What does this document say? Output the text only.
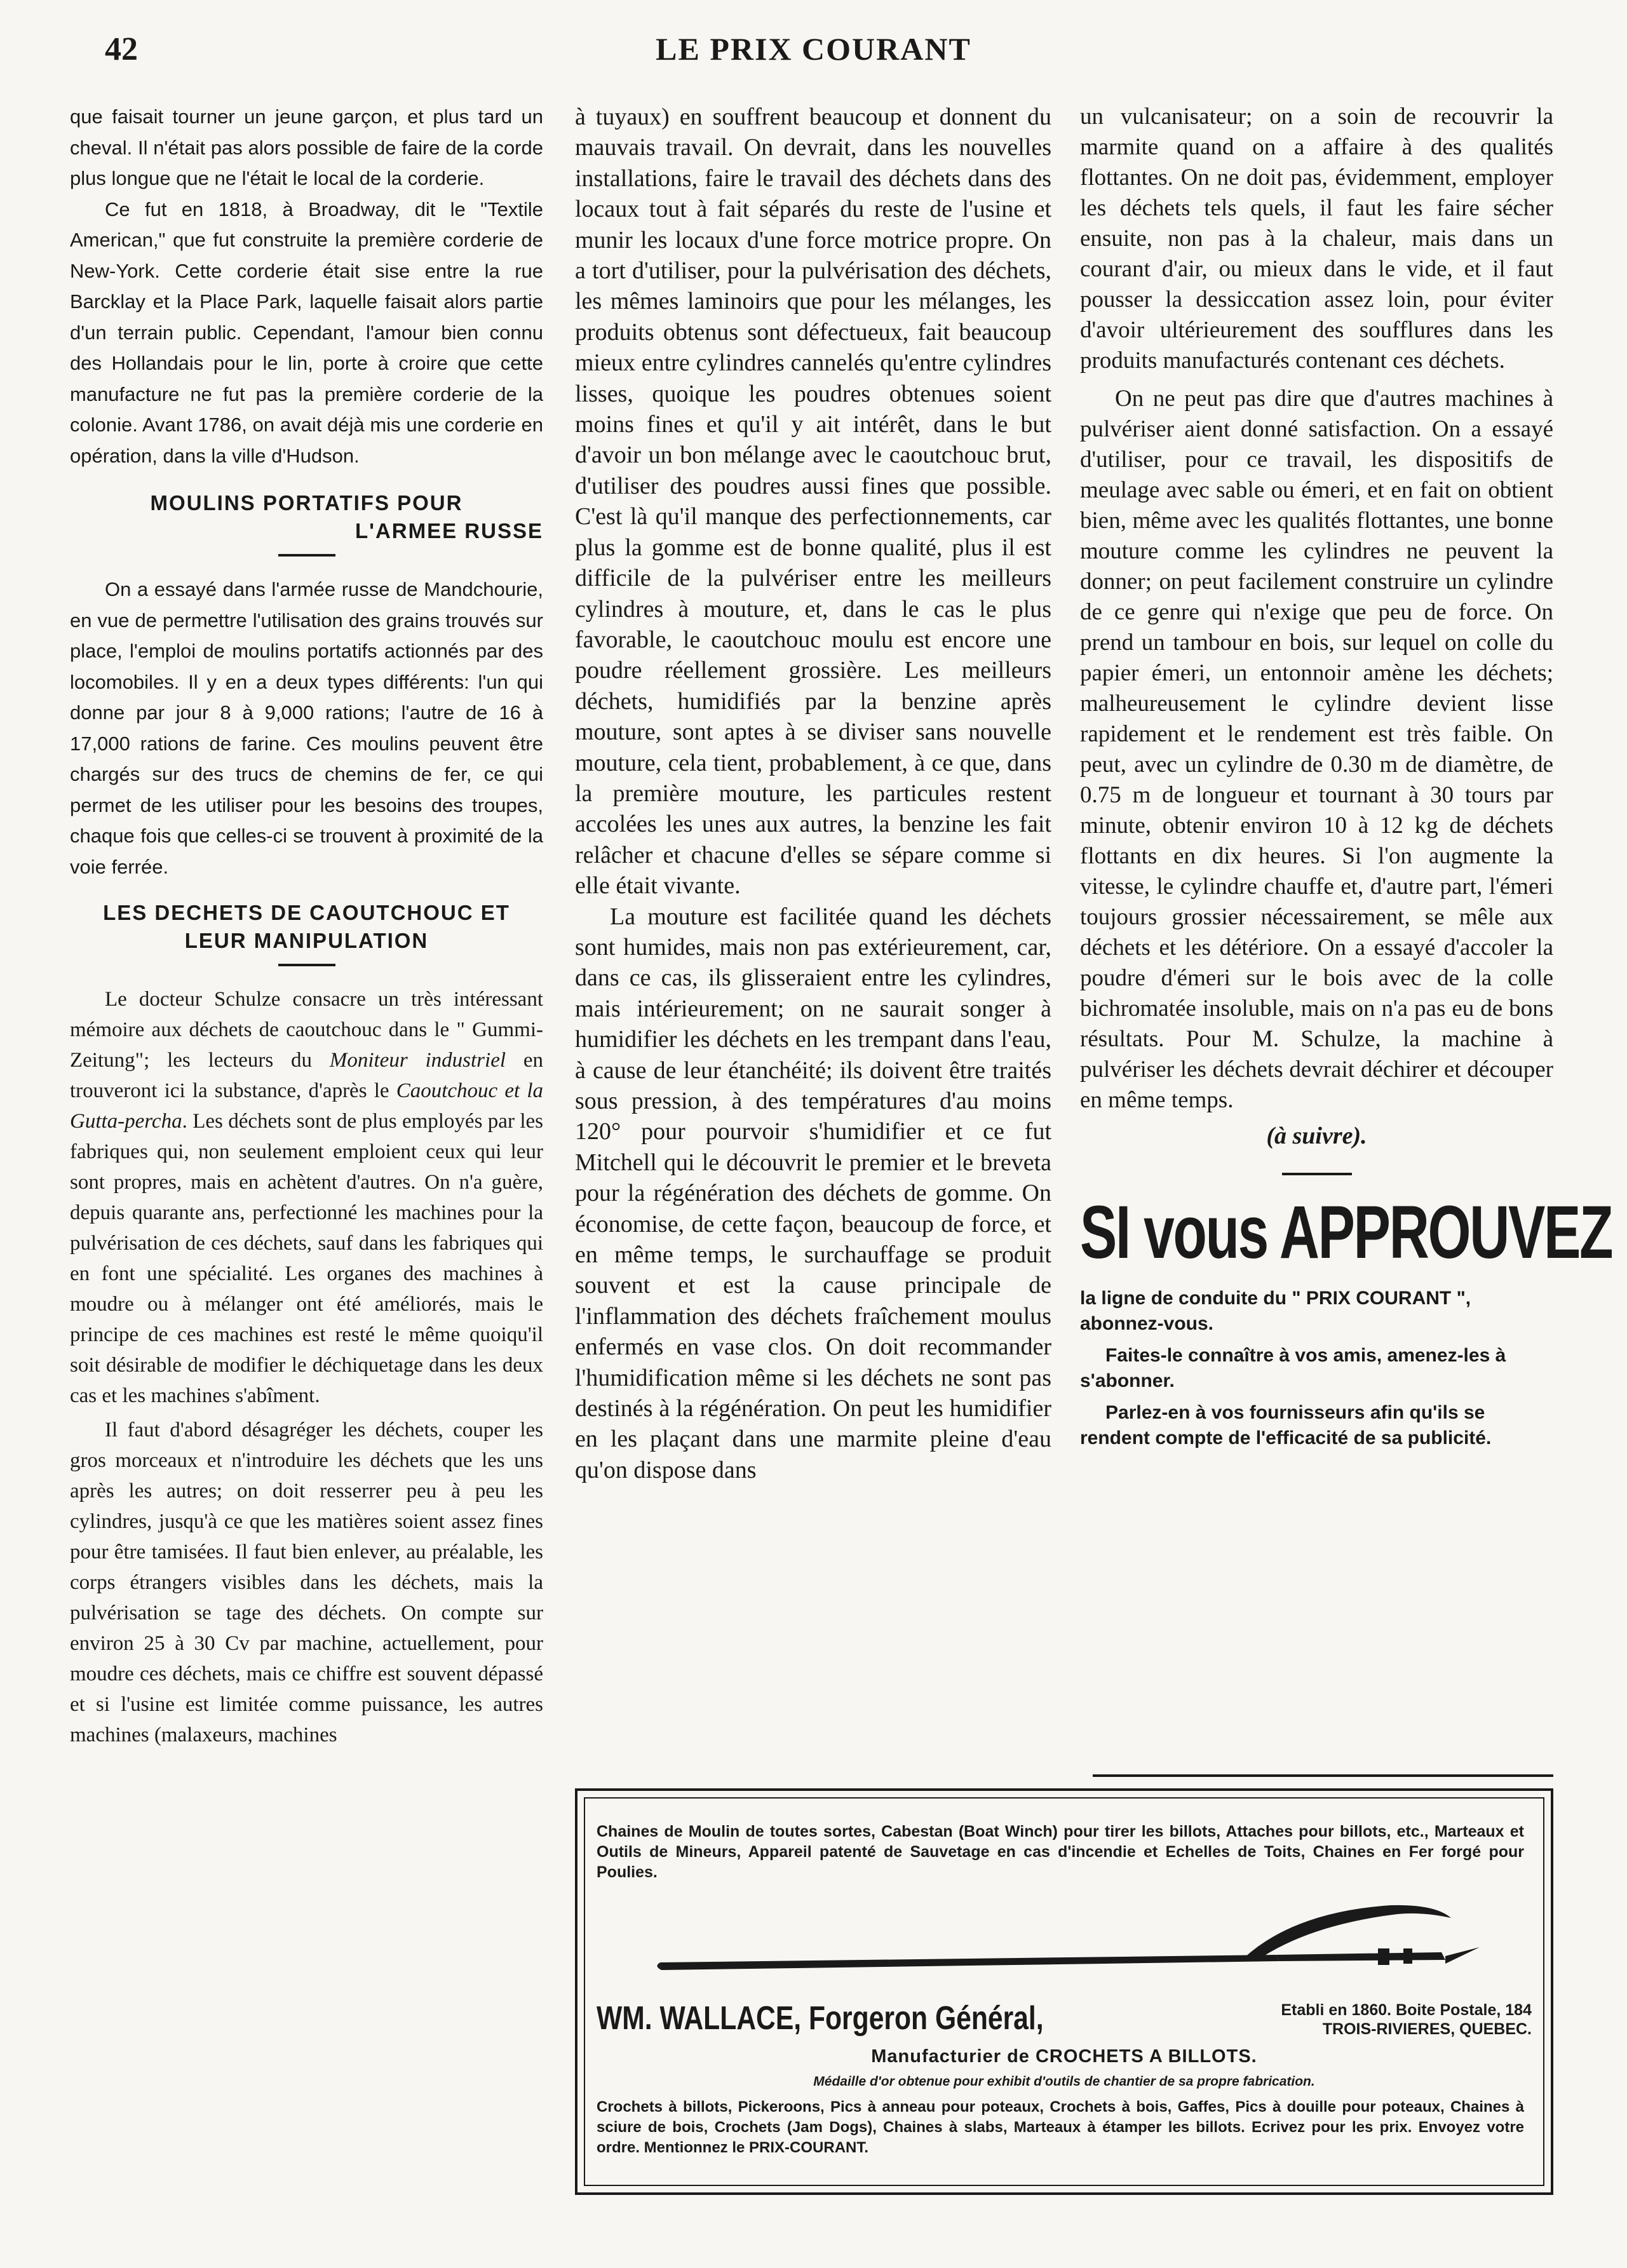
42	LE PRIX COURANT

que faisait tourner un jeune garçon, et plus tard un cheval. Il n'était pas alors possible de faire de la corde plus longue que ne l'était le local de la corderie.

Ce fut en 1818, à Broadway, dit le "Textile American," que fut construite la première corderie de New-York. Cette corderie était sise entre la rue Barcklay et la Place Park, laquelle faisait alors partie d'un terrain public. Cependant, l'amour bien connu des Hollandais pour le lin, porte à croire que cette manufacture ne fut pas la première corderie de la colonie. Avant 1786, on avait déjà mis une corderie en opération, dans la ville d'Hudson.

MOULINS PORTATIFS POUR
L'ARMEE RUSSE

On a essayé dans l'armée russe de Mandchourie, en vue de permettre l'utilisation des grains trouvés sur place, l'emploi de moulins portatifs actionnés par des locomobiles. Il y en a deux types différents: l'un qui donne par jour 8 à 9,000 rations; l'autre de 16 à 17,000 rations de farine. Ces moulins peuvent être chargés sur des trucs de chemins de fer, ce qui permet de les utiliser pour les besoins des troupes, chaque fois que celles-ci se trouvent à proximité de la voie ferrée.

LES DECHETS DE CAOUTCHOUC ET LEUR MANIPULATION

Le docteur Schulze consacre un très intéressant mémoire aux déchets de caoutchouc dans le " Gummi-Zeitung"; les lecteurs du Moniteur industriel en trouveront ici la substance, d'après le Caoutchouc et la Gutta-percha. Les déchets sont de plus employés par les fabriques qui, non seulement emploient ceux qui leur sont propres, mais en achètent d'autres. On n'a guère, depuis quarante ans, perfectionné les machines pour la pulvérisation de ces déchets, sauf dans les fabriques qui en font une spécialité. Les organes des machines à moudre ou à mélanger ont été améliorés, mais le principe de ces machines est resté le même quoiqu'il soit désirable de modifier le déchiquetage dans les deux cas et les machines s'abîment.

Il faut d'abord désagréger les déchets, couper les gros morceaux et n'introduire les déchets que les uns après les autres; on doit resserrer peu à peu les cylindres, jusqu'à ce que les matières soient assez fines pour être tamisées. Il faut bien enlever, au préalable, les corps étrangers visibles dans les déchets, mais la pulvérisation se tage des déchets. On compte sur environ 25 à 30 Cv par machine, actuellement, pour moudre ces déchets, mais ce chiffre est souvent dépassé et si l'usine est limitée comme puissance, les autres machines (malaxeurs, machines

à tuyaux) en souffrent beaucoup et donnent du mauvais travail. On devrait, dans les nouvelles installations, faire le travail des déchets dans des locaux tout à fait séparés du reste de l'usine et munir les locaux d'une force motrice propre. On a tort d'utiliser, pour la pulvérisation des déchets, les mêmes laminoirs que pour les mélanges, les produits obtenus sont défectueux, fait beaucoup mieux entre cylindres cannelés qu'entre cylindres lisses, quoique les poudres obtenues soient moins fines et qu'il y ait intérêt, dans le but d'avoir un bon mélange avec le caoutchouc brut, d'utiliser des poudres aussi fines que possible. C'est là qu'il manque des perfectionnements, car plus la gomme est de bonne qualité, plus il est difficile de la pulvériser entre les meilleurs cylindres à mouture, et, dans le cas le plus favorable, le caoutchouc moulu est encore une poudre réellement grossière. Les meilleurs déchets, humidifiés par la benzine après mouture, sont aptes à se diviser sans nouvelle mouture, cela tient, probablement, à ce que, dans la première mouture, les particules restent accolées les unes aux autres, la benzine les fait relâcher et chacune d'elles se sépare comme si elle était vivante.

La mouture est facilitée quand les déchets sont humides, mais non pas extérieurement, car, dans ce cas, ils glisseraient entre les cylindres, mais intérieurement; on ne saurait songer à humidifier les déchets en les trempant dans l'eau, à cause de leur étanchéité; ils doivent être traités sous pression, à des températures d'au moins 120° pour pourvoir s'humidifier et ce fut Mitchell qui le découvrit le premier et le breveta pour la régénération des déchets de gomme. On économise, de cette façon, beaucoup de force, et en même temps, le surchauffage se produit souvent et est la cause principale de l'inflammation des déchets fraîchement moulus enfermés en vase clos. On doit recommander l'humidification même si les déchets ne sont pas destinés à la régénération. On peut les humidifier en les plaçant dans une marmite pleine d'eau qu'on dispose dans

un vulcanisateur; on a soin de recouvrir la marmite quand on a affaire à des qualités flottantes. On ne doit pas, évidemment, employer les déchets tels quels, il faut les faire sécher ensuite, non pas à la chaleur, mais dans un courant d'air, ou mieux dans le vide, et il faut pousser la dessiccation assez loin, pour éviter d'avoir ultérieurement des soufflures dans les produits manufacturés contenant ces déchets.

On ne peut pas dire que d'autres machines à pulvériser aient donné satisfaction. On a essayé d'utiliser, pour ce travail, les dispositifs de meulage avec sable ou émeri, et en fait on obtient bien, même avec les qualités flottantes, une bonne mouture comme les cylindres ne peuvent la donner; on peut facilement construire un cylindre de ce genre qui n'exige que peu de force. On prend un tambour en bois, sur lequel on colle du papier émeri, un entonnoir amène les déchets; malheureusement le cylindre devient lisse rapidement et le rendement est très faible. On peut, avec un cylindre de 0.30 m de diamètre, de 0.75 m de longueur et tournant à 30 tours par minute, obtenir environ 10 à 12 kg de déchets flottants en dix heures. Si l'on augmente la vitesse, le cylindre chauffe et, d'autre part, l'émeri toujours grossier nécessairement, se mêle aux déchets et les détériore. On a essayé d'accoler la poudre d'émeri sur le bois avec de la colle bichromatée insoluble, mais on n'a pas eu de bons résultats. Pour M. Schulze, la machine à pulvériser les déchets devrait déchirer et découper en même temps.

(à suivre).
SI vous APPROUVEZ
la ligne de conduite du " PRIX COURANT ", abonnez-vous.
Faites-le connaître à vos amis, amenez-les à s'abonner.
Parlez-en à vos fournisseurs afin qu'ils se rendent compte de l'efficacité de sa publicité.
Chaines de Moulin de toutes sortes, Cabestan (Boat Winch) pour tirer les billots, Attaches pour billots, etc., Marteaux et Outils de Mineurs, Appareil patenté de Sauvetage en cas d'incendie et Echelles de Toits, Chaines en Fer forgé pour Poulies.
WM. WALLACE, Forgeron Général,	Etabli en 1860. Boite Postale, 184
TROIS-RIVIERES, QUEBEC.
Manufacturier de CROCHETS A BILLOTS.
Médaille d'or obtenue pour exhibit d'outils de chantier de sa propre fabrication.
Crochets à billots, Pickeroons, Pics à anneau pour poteaux, Crochets à bois, Gaffes, Pics à douille pour poteaux, Chaines à sciure de bois, Crochets (Jam Dogs), Chaines à slabs, Marteaux à étamper les billots. Ecrivez pour les prix. Envoyez votre ordre. Mentionnez le PRIX-COURANT.
